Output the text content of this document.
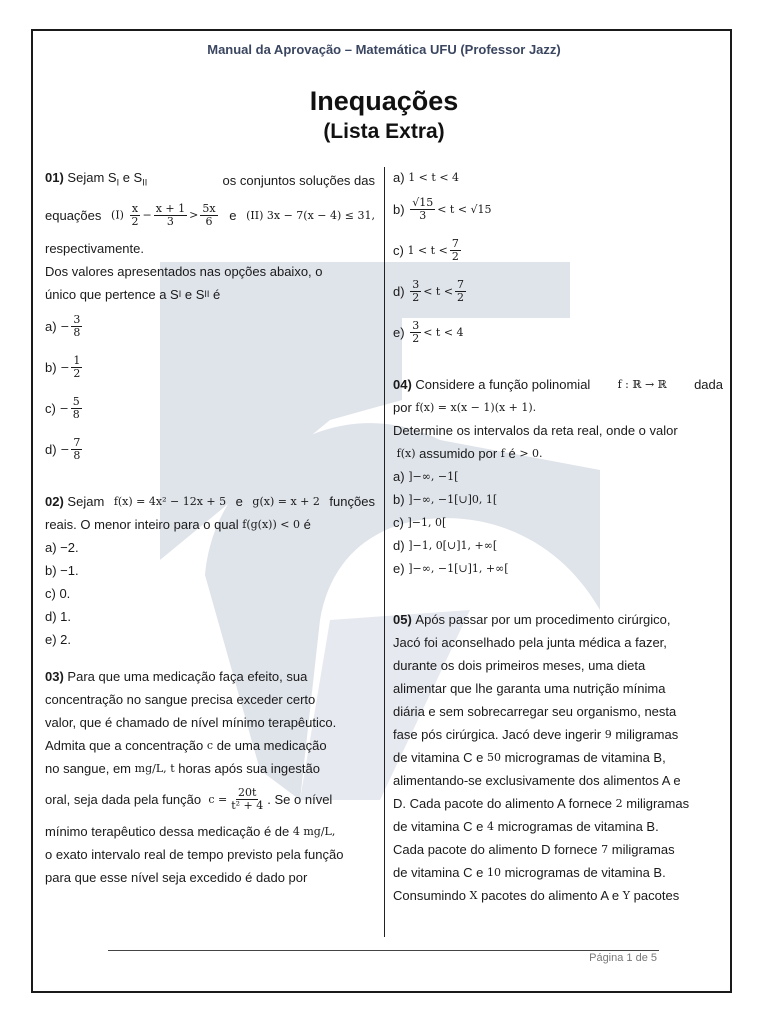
Manual da Aprovação – Matemática UFU (Professor Jazz)
Inequações
(Lista Extra)
01) Sejam $S_I$ e $S_{II}$	os conjuntos soluções das
equações $(I) \frac{x}{2} - \frac{x + 1}{3} > \frac{5x}{6}$ e (II) 3x − 7(x − 4) ≤ 31,
respectivamente.
Dos valores apresentados nas opções abaixo, o
único que pertence a S I
e S II
é
a)
− $\frac{3}{8}$
b)
− $\frac{1}{2}$
c)
− $\frac{5}{8}$
d)
− $\frac{7}{8}$
02) Sejam f(x) = 4x² − 12x + 5 e g(x) = x + 2 funções
reais. O menor inteiro para o qual
f(g(x)) < 0
é
a) −2.
b) −1.
c) 0.
d) 1.
e) 2.
03) Para que uma medicação faça efeito, sua
concentração no sangue precisa exceder certo
valor, que é chamado de nível mínimo terapêutico.
Admita que a concentração
c
de uma medicação
no sangue, em
mg/L,
t
horas após sua ingestão
oral, seja dada pela função
$c = \frac{20t}{\text{t² + 4}}$ . Se o nível
mínimo terapêutico dessa medicação é de
4 mg/L,
o exato intervalo real de tempo previsto pela função
para que esse nível seja excedido é dado por
a)
1 < t < 4
b)
√15
3 < t < √15
c)
1 < t <
7
2
d)
3
2 < t <
7
2
e)
3
2 < t < 4
04) Considere a função polinomial f : ℝ → ℝ dada
por
f(x) = x(x − 1)(x + 1).
Determine os intervalos da reta real, onde o valor

f(x)
assumido por
f
é
> 0.
a)
]−∞, −1[
b)
]−∞, −1[∪]0, 1[
c)
]−1, 0[
d)
]−1, 0[∪]1, +∞[
e)
]−∞, −1[∪]1, +∞[
05)
Após passar por um procedimento cirúrgico,
Jacó foi aconselhado pela junta médica a fazer,
durante os dois primeiros meses, uma dieta
alimentar que lhe garanta uma nutrição mínima
diária e sem sobrecarregar seu organismo, nesta
fase pós cirúrgica. Jacó deve ingerir
9
miligramas
de vitamina C e
50
microgramas de vitamina B,
alimentando-se exclusivamente dos alimentos A e
D. Cada pacote do alimento A fornece
2
miligramas
de vitamina C e
4
microgramas de vitamina B.
Cada pacote do alimento D fornece
7
miligramas
de vitamina C e
10
microgramas de vitamina B.
Consumindo
X
pacotes do alimento A e
Y
pacotes
Página 1 de 5
